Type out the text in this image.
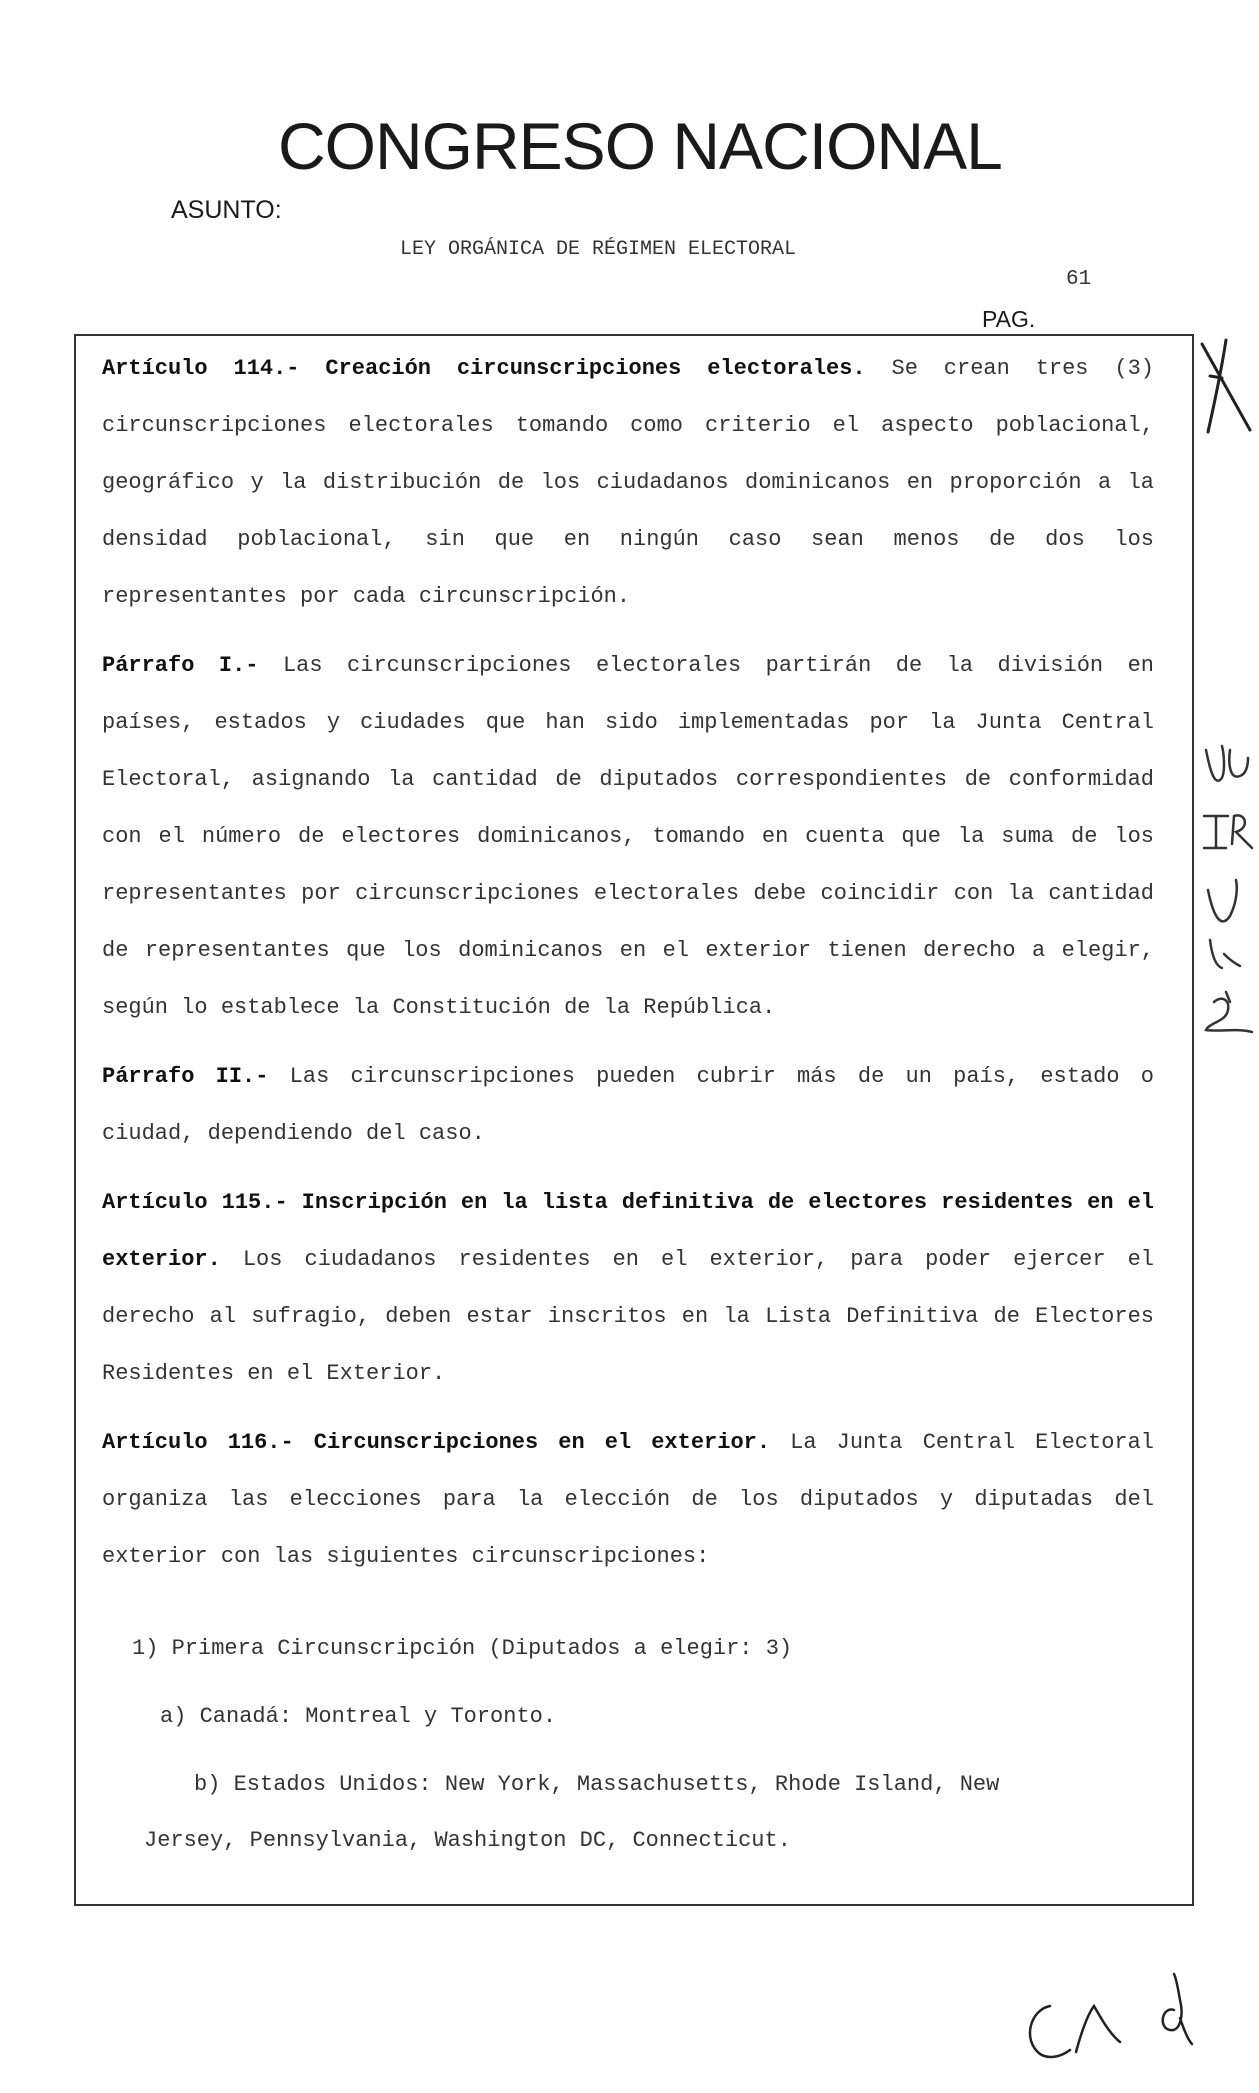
CONGRESO NACIONAL
ASUNTO:
LEY ORGÁNICA DE RÉGIMEN ELECTORAL
61
PAG.

Artículo 114.- Creación circunscripciones electorales. Se crean tres (3) circunscripciones electorales tomando como criterio el aspecto poblacional, geográfico y la distribución de los ciudadanos dominicanos en proporción a la densidad poblacional, sin que en ningún caso sean menos de dos los representantes por cada circunscripción.

Párrafo I.- Las circunscripciones electorales partirán de la división en países, estados y ciudades que han sido implementadas por la Junta Central Electoral, asignando la cantidad de diputados correspondientes de conformidad con el número de electores dominicanos, tomando en cuenta que la suma de los representantes por circunscripciones electorales debe coincidir con la cantidad de representantes que los dominicanos en el exterior tienen derecho a elegir, según lo establece la Constitución de la República.

Párrafo II.- Las circunscripciones pueden cubrir más de un país, estado o ciudad, dependiendo del caso.

Artículo 115.- Inscripción en la lista definitiva de electores residentes en el exterior. Los ciudadanos residentes en el exterior, para poder ejercer el derecho al sufragio, deben estar inscritos en la Lista Definitiva de Electores Residentes en el Exterior.

Artículo 116.- Circunscripciones en el exterior. La Junta Central Electoral organiza las elecciones para la elección de los diputados y diputadas del exterior con las siguientes circunscripciones:

1) Primera Circunscripción (Diputados a elegir: 3)

a) Canadá: Montreal y Toronto.

b) Estados Unidos: New York, Massachusetts, Rhode Island, New
Jersey, Pennsylvania, Washington DC, Connecticut.
